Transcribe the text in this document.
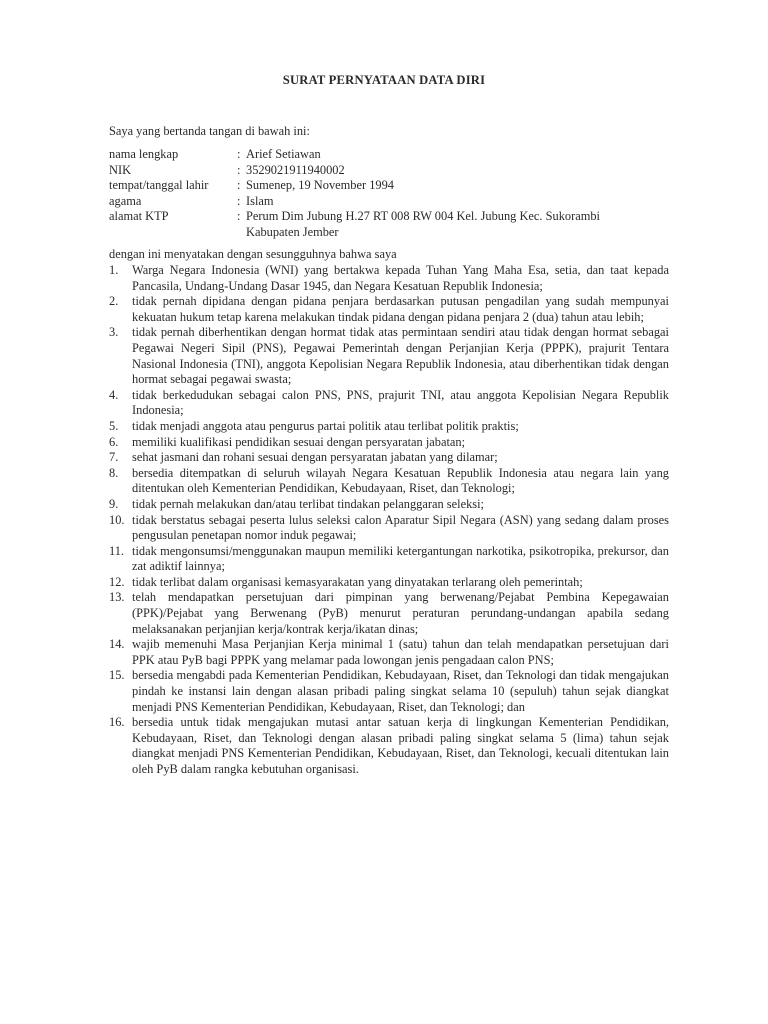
SURAT PERNYATAAN DATA DIRI
Saya yang bertanda tangan di bawah ini:
nama lengkap	: Arief Setiawan
NIK	: 3529021911940002
tempat/tanggal lahir	: Sumenep, 19 November 1994
agama	: Islam
alamat KTP	: Perum Dim Jubung H.27 RT 008 RW 004 Kel. Jubung Kec. Sukorambi
Kabupaten Jember
dengan ini menyatakan dengan sesungguhnya bahwa saya
1.	Warga Negara Indonesia (WNI) yang bertakwa kepada Tuhan Yang Maha Esa, setia, dan taat kepada Pancasila, Undang-Undang Dasar 1945, dan Negara Kesatuan Republik Indonesia;
2.	tidak pernah dipidana dengan pidana penjara berdasarkan putusan pengadilan yang sudah mempunyai kekuatan hukum tetap karena melakukan tindak pidana dengan pidana penjara 2 (dua) tahun atau lebih;
3.	tidak pernah diberhentikan dengan hormat tidak atas permintaan sendiri atau tidak dengan hormat sebagai Pegawai Negeri Sipil (PNS), Pegawai Pemerintah dengan Perjanjian Kerja (PPPK), prajurit Tentara Nasional Indonesia (TNI), anggota Kepolisian Negara Republik Indonesia, atau diberhentikan tidak dengan hormat sebagai pegawai swasta;
4.	tidak berkedudukan sebagai calon PNS, PNS, prajurit TNI, atau anggota Kepolisian Negara Republik Indonesia;
5.	tidak menjadi anggota atau pengurus partai politik atau terlibat politik praktis;
6.	memiliki kualifikasi pendidikan sesuai dengan persyaratan jabatan;
7.	sehat jasmani dan rohani sesuai dengan persyaratan jabatan yang dilamar;
8.	bersedia ditempatkan di seluruh wilayah Negara Kesatuan Republik Indonesia atau negara lain yang ditentukan oleh Kementerian Pendidikan, Kebudayaan, Riset, dan Teknologi;
9.	tidak pernah melakukan dan/atau terlibat tindakan pelanggaran seleksi;
10. tidak berstatus sebagai peserta lulus seleksi calon Aparatur Sipil Negara (ASN) yang sedang dalam proses pengusulan penetapan nomor induk pegawai;
11. tidak mengonsumsi/menggunakan maupun memiliki ketergantungan narkotika, psikotropika, prekursor, dan zat adiktif lainnya;
12. tidak terlibat dalam organisasi kemasyarakatan yang dinyatakan terlarang oleh pemerintah;
13. telah mendapatkan persetujuan dari pimpinan yang berwenang/Pejabat Pembina Kepegawaian (PPK)/Pejabat yang Berwenang (PyB) menurut peraturan perundang-undangan apabila sedang melaksanakan perjanjian kerja/kontrak kerja/ikatan dinas;
14. wajib memenuhi Masa Perjanjian Kerja minimal 1 (satu) tahun dan telah mendapatkan persetujuan dari PPK atau PyB bagi PPPK yang melamar pada lowongan jenis pengadaan calon PNS;
15. bersedia mengabdi pada Kementerian Pendidikan, Kebudayaan, Riset, dan Teknologi dan tidak mengajukan pindah ke instansi lain dengan alasan pribadi paling singkat selama 10 (sepuluh) tahun sejak diangkat menjadi PNS Kementerian Pendidikan, Kebudayaan, Riset, dan Teknologi; dan
16. bersedia untuk tidak mengajukan mutasi antar satuan kerja di lingkungan Kementerian Pendidikan, Kebudayaan, Riset, dan Teknologi dengan alasan pribadi paling singkat selama 5 (lima) tahun sejak diangkat menjadi PNS Kementerian Pendidikan, Kebudayaan, Riset, dan Teknologi, kecuali ditentukan lain oleh PyB dalam rangka kebutuhan organisasi.
